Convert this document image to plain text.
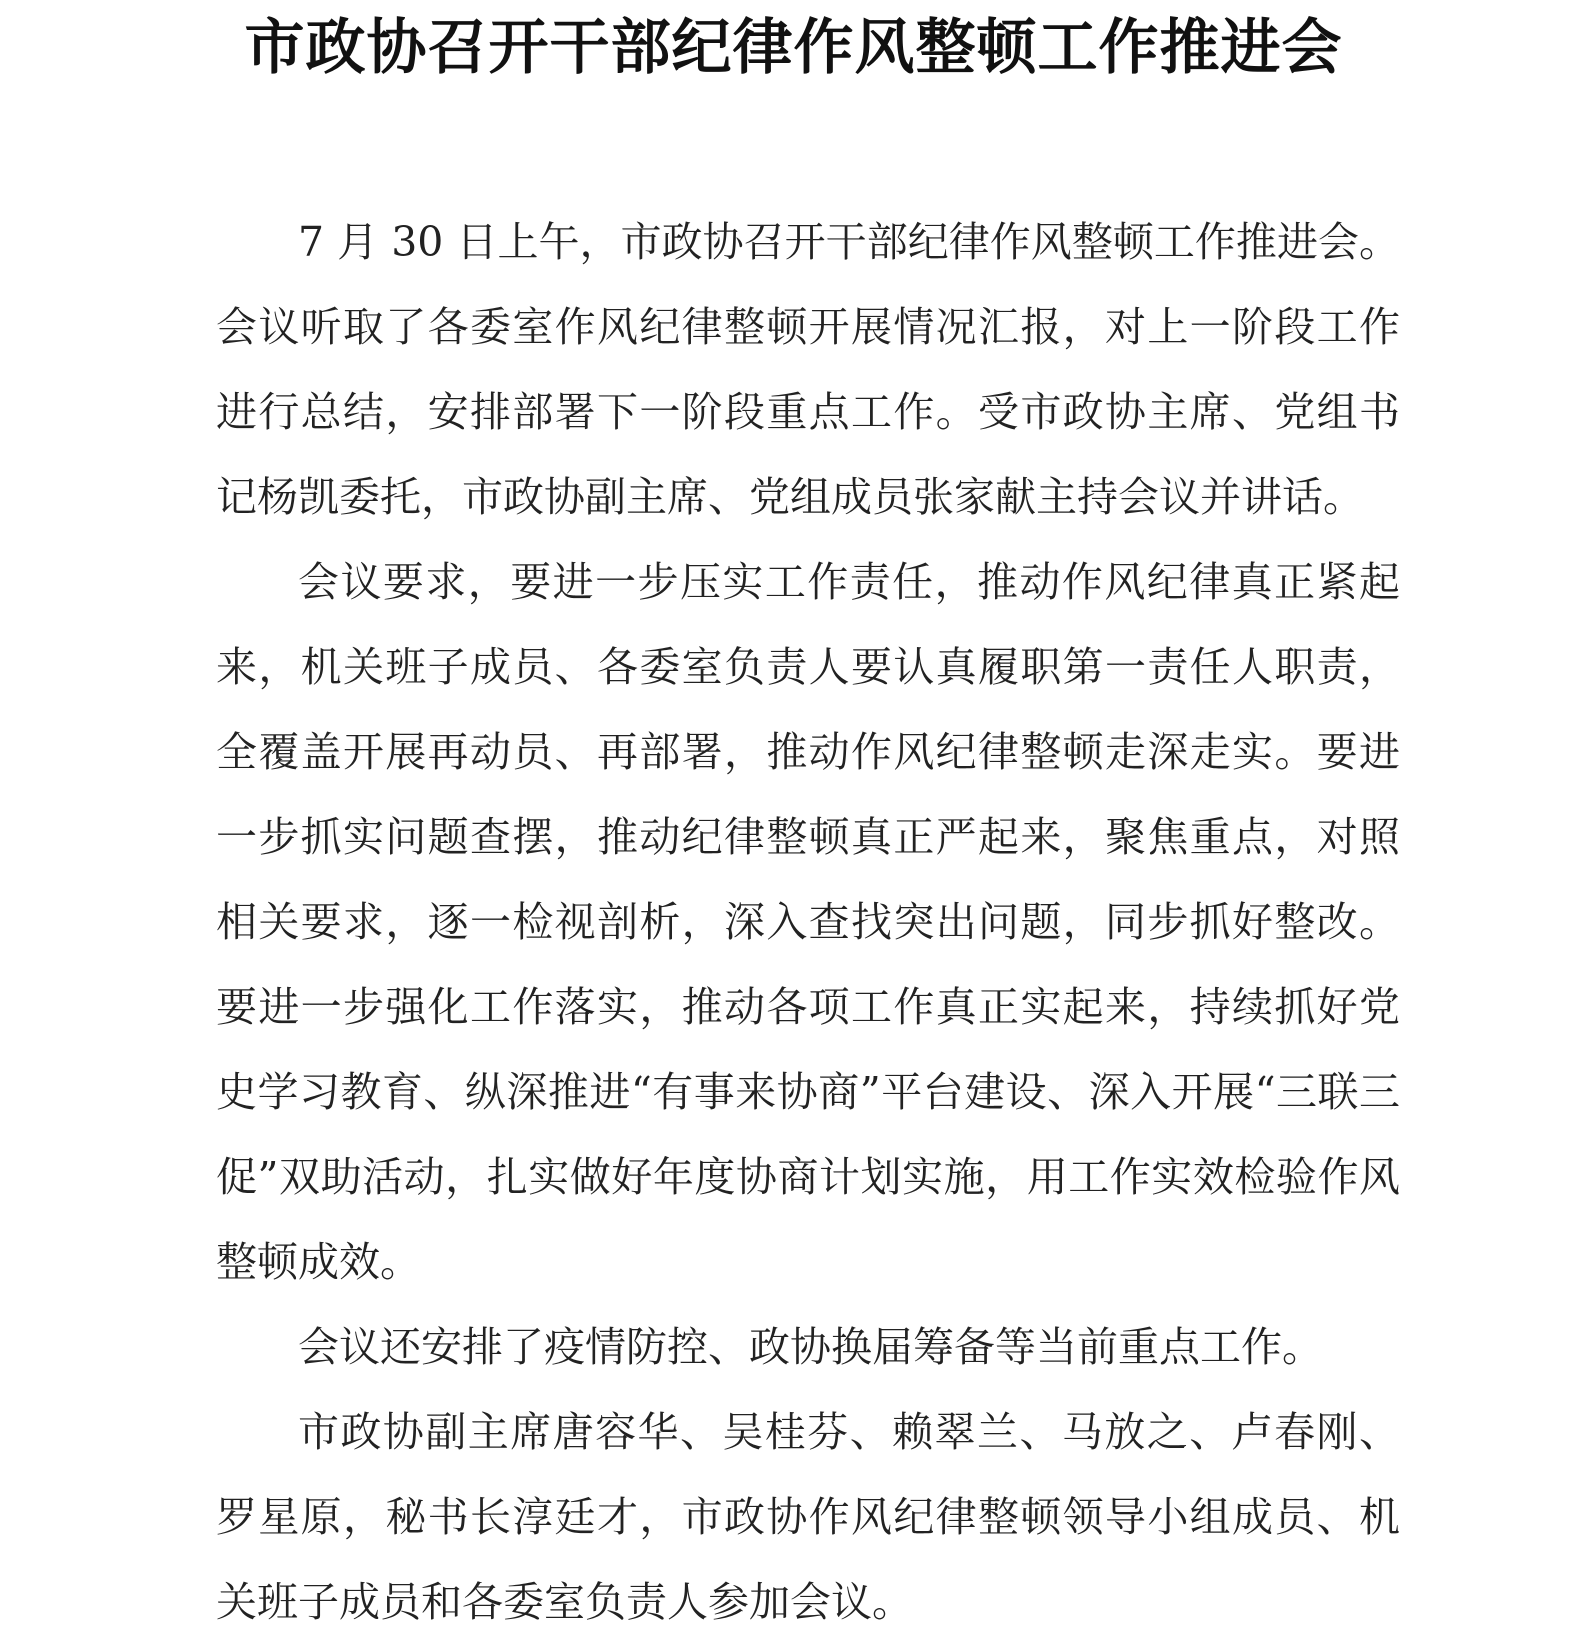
市政协召开干部纪律作风整顿工作推进会

7 月 30 日上午，市政协召开干部纪律作风整顿工作推进会。会议听取了各委室作风纪律整顿开展情况汇报，对上一阶段工作进行总结，安排部署下一阶段重点工作。受市政协主席、党组书记杨凯委托，市政协副主席、党组成员张家献主持会议并讲话。

会议要求，要进一步压实工作责任，推动作风纪律真正紧起来，机关班子成员、各委室负责人要认真履职第一责任人职责，全覆盖开展再动员、再部署，推动作风纪律整顿走深走实。要进一步抓实问题查摆，推动纪律整顿真正严起来，聚焦重点，对照相关要求，逐一检视剖析，深入查找突出问题，同步抓好整改。要进一步强化工作落实，推动各项工作真正实起来，持续抓好党史学习教育、纵深推进“有事来协商”平台建设、深入开展“三联三促”双助活动，扎实做好年度协商计划实施，用工作实效检验作风整顿成效。

会议还安排了疫情防控、政协换届筹备等当前重点工作。

市政协副主席唐容华、吴桂芬、赖翠兰、马放之、卢春刚、罗星原，秘书长淳廷才，市政协作风纪律整顿领导小组成员、机关班子成员和各委室负责人参加会议。
